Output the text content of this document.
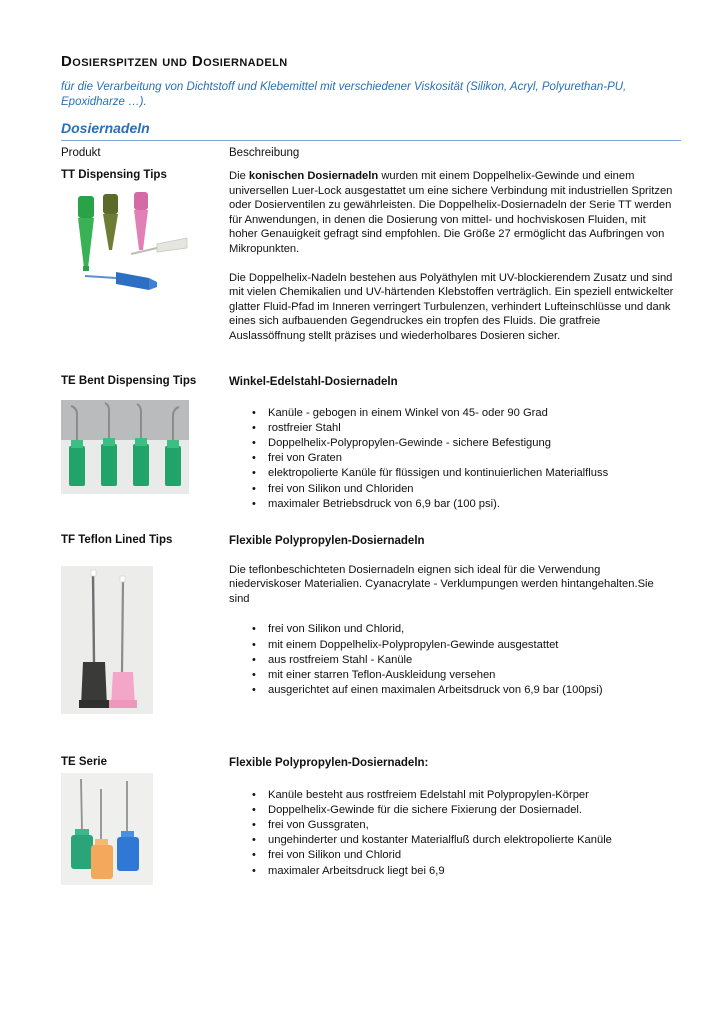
Dosierspitzen und Dosiernadeln
für die Verarbeitung von Dichtstoff und Klebemittel mit verschiedener Viskosität (Silikon, Acryl, Polyurethan-PU, Epoxidharze …).
Dosiernadeln
Produkt	Beschreibung
TT Dispensing Tips	Die konischen Dosiernadeln wurden mit einem Doppelhelix-Gewinde und einem universellen Luer-Lock ausgestattet um eine sichere Verbindung mit industriellen Spritzen oder Dosierventilen zu gewährleisten. Die Doppelhelix-Dosiernadeln der Serie TT werden für Anwendungen, in denen die Dosierung von mittel- und hochviskosen Fluiden, mit hoher Genauigkeit gefragt sind empfohlen. Die Größe 27 ermöglicht das Aufbringen von Mikropunkten.

Die Doppelhelix-Nadeln bestehen aus Polyäthylen mit UV-blockierendem Zusatz und sind mit vielen Chemikalien und UV-härtenden Klebstoffen verträglich. Ein speziell entwickelter glatter Fluid-Pfad im Inneren verringert Turbulenzen, verhindert Lufteinschlüsse und dank eines sich aufbauenden Gegendruckes ein tropfen des Fluids. Die gratfreie Auslassöffnung stellt präzises und wiederholbares Dosieren sicher.

TE Bent Dispensing Tips	Winkel-Edelstahl-Dosiernadeln
• Kanüle - gebogen in einem Winkel von 45- oder 90 Grad
• rostfreier Stahl
• Doppelhelix-Polypropylen-Gewinde - sichere Befestigung
• frei von Graten
• elektropolierte Kanüle für flüssigen und kontinuierlichen Materialfluss
• frei von Silikon und Chloriden
• maximaler Betriebsdruck von 6,9 bar (100 psi).
TF Teflon Lined Tips	Flexible Polypropylen-Dosiernadeln

Die teflonbeschichteten Dosiernadeln eignen sich ideal für die Verwendung niederviskoser Materialien. Cyanacrylate - Verklumpungen werden hintangehalten.Sie sind

• frei von Silikon und Chlorid,
• mit einem Doppelhelix-Polypropylen-Gewinde ausgestattet
• aus rostfreiem Stahl - Kanüle
• mit einer starren Teflon-Auskleidung versehen
• ausgerichtet auf einen maximalen Arbeitsdruck von 6,9 bar (100psi)
TE Serie	Flexible Polypropylen-Dosiernadeln:
• Kanüle besteht aus rostfreiem Edelstahl mit Polypropylen-Körper
• Doppelhelix-Gewinde für die sichere Fixierung der Dosiernadel.
• frei von Gussgraten,
• ungehinderter und kostanter Materialfluß durch elektropolierte Kanüle
• frei von Silikon und Chlorid
• maximaler Arbeitsdruck liegt bei 6,9
